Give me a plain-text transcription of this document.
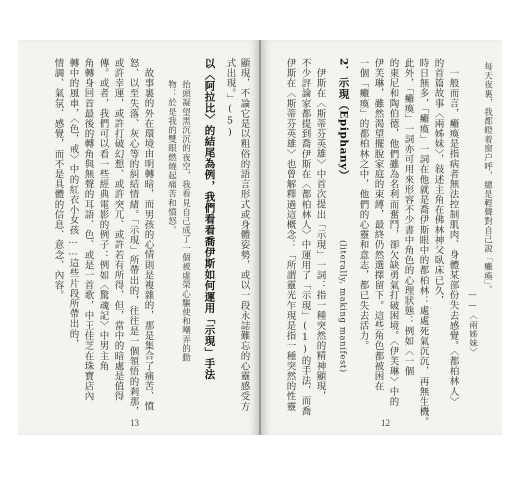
顯現，不論它是以粗俗的語言形式或身體姿勢，或以一段永誌難忘的心靈感受方
式出現。」(5)
以〈阿拉比〉的結尾為例，我們看看喬伊斯如何運用「示現」手法
抬頭凝望黑沉沉的夜空，我看見自己成了一個被虛榮心驅使和嘲弄的動
物：於是我的雙眼燃燒起痛苦和憤怒。
故事裏的外在環境由明轉暗，而男孩的心情則是複雜的，那是集合了痛苦、憤
怒、以至失落、灰心等的糾結情緒。「示現」所帶出的，往往是一個領悟的剎那，
或許幸運，或許打破幻想、或許突兀、或許若有所得，但，當中的暗處是值得
傳。或者，我們可以看一些經典電影的例子：例如〈驚魂記〉中男主角
角轉身回首最後的轉角與無聲的耳語、色、或是一首歌，中王佳芝在珠寶店內
轉中的風車，〈色，戒〉中的紅衣小女孩……這些片段所帶出的，
情調、氣氛、感覺，而不是具體的信息、意念、內容。
13
每天夜裏，我都瞪着窗户呼，總是輕聲對自己說「癱瘓」。
——〈兩姊妹〉
一般而言，癱瘓是指病者無法控制肌肉、身體某部份失去感覺。〈都柏林人〉
的首篇故事〈兩姊妹〉，敍述主角在佛林神父臥床已久，
時日無多，「癱瘓」一詞在他就是喬伊斯眼中的都柏林：處處死氣沉沉，再無生機。
此外，「癱瘓」一詞亦可用來形容不少書中角色的心理狀態：例如〈一個
的東尼和陶伯德，他們雖為名利而奮鬥，卻欠缺勇氣打破困境。〈伊芙琳〉中的
伊芙琳，雖然渴望擺脫家庭的束縛，最終仍然選擇留下。這些角色都被困在
一個「癱瘓」的都柏林之中，他們的心靈和意志，都已失去活力。
2．示現（Epiphany）
(literally, making manifest)
伊斯在〈斯蒂芬英雄〉中首次提出「示現」一詞：指一種突然的精神顯現，
不少評論家都提到喬伊斯在〈都柏林人〉中運用了「示現」(1)的手法，而喬
伊斯在〈斯蒂芬英雄〉也曾解釋過這概念：「所謂靈光乍現是指一種突然的性靈
12
